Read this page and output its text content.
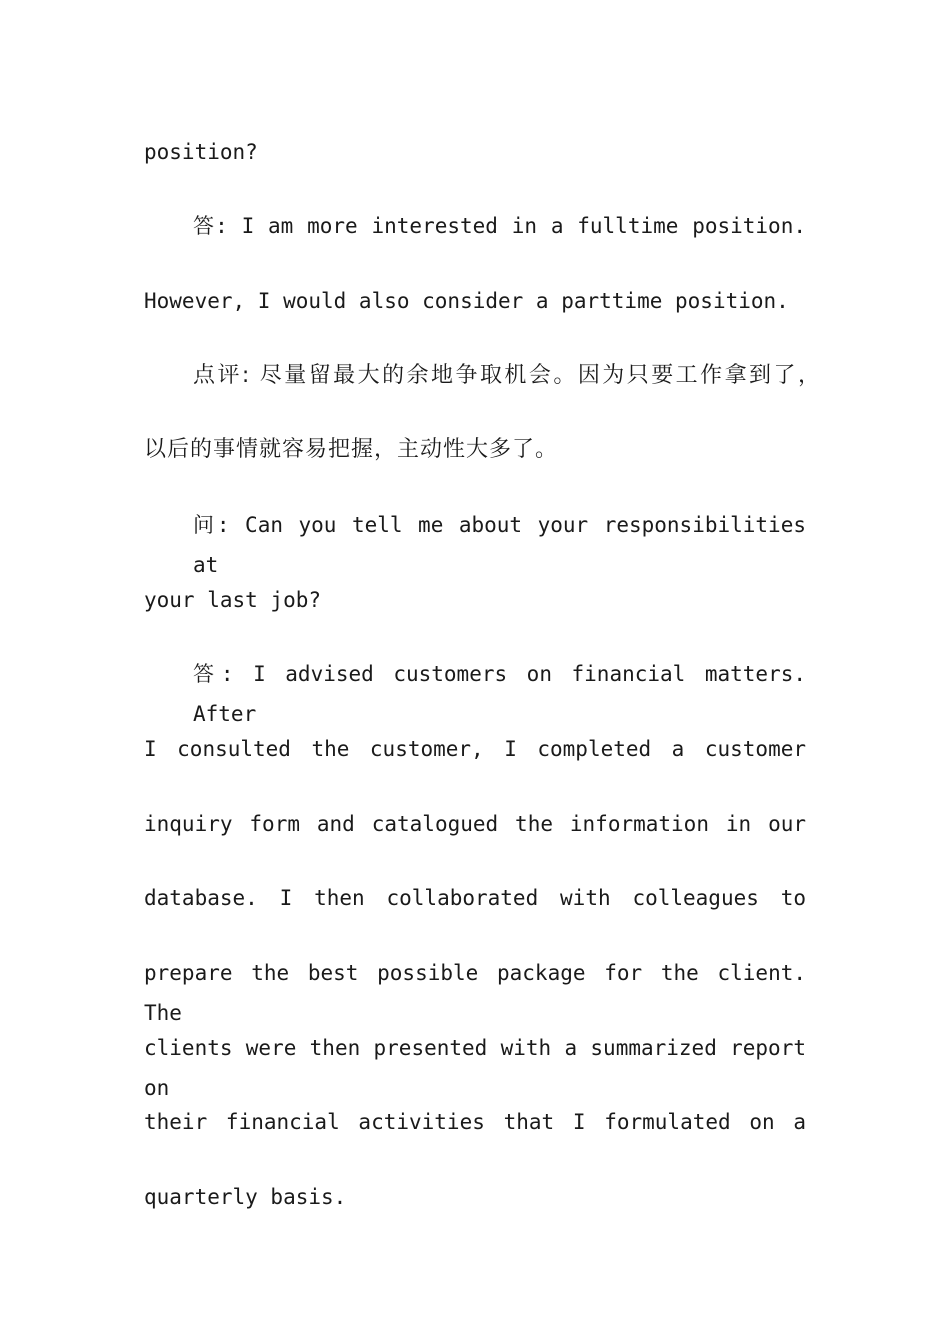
position?
答: I am more interested in a fulltime position.
However, I would also consider a parttime position.
点评: 尽量留最大的余地争取机会。因为只要工作拿到了，
以后的事情就容易把握，主动性大多了。
问: Can you tell me about your responsibilities at
your last job?
答: I advised customers on financial matters. After
I consulted the customer, I completed a customer
inquiry form and catalogued the information in our
database. I then collaborated with colleagues to
prepare the best possible package for the client. The
clients were then presented with a summarized report on
their financial activities that I formulated on a
quarterly basis.
